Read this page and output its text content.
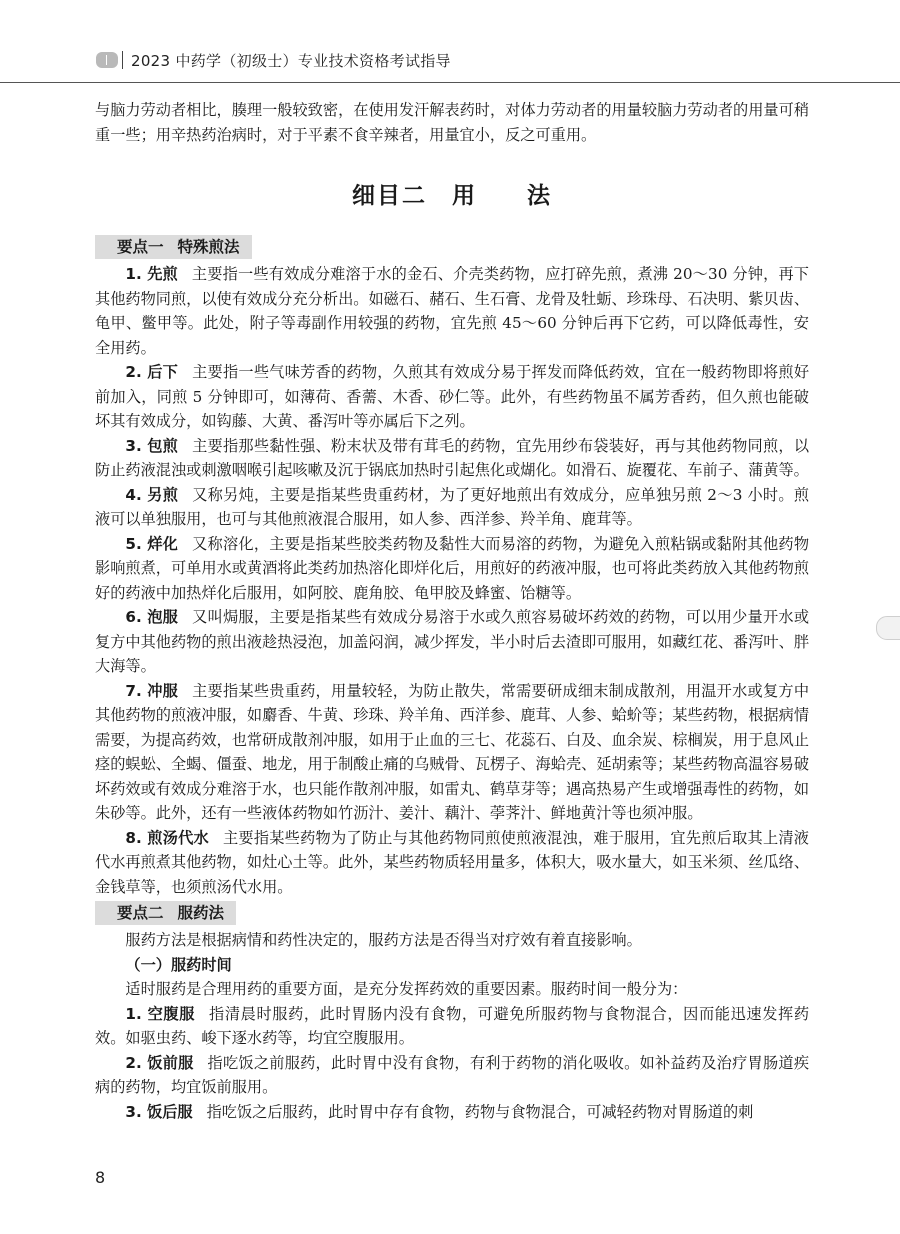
2023 中药学（初级士）专业技术资格考试指导

与脑力劳动者相比，腠理一般较致密，在使用发汗解表药时，对体力劳动者的用量较脑力劳动者的用量可稍重一些；用辛热药治病时，对于平素不食辛辣者，用量宜小，反之可重用。

细目二　用　　法
要点一 特殊煎法

1. 先煎 主要指一些有效成分难溶于水的金石、介壳类药物，应打碎先煎，煮沸 20～30 分钟，再下其他药物同煎，以使有效成分充分析出。如磁石、赭石、生石膏、龙骨及牡蛎、珍珠母、石决明、紫贝齿、龟甲、鳖甲等。此处，附子等毒副作用较强的药物，宜先煎 45～60 分钟后再下它药，可以降低毒性，安全用药。

2. 后下 主要指一些气味芳香的药物，久煎其有效成分易于挥发而降低药效，宜在一般药物即将煎好前加入，同煎 5 分钟即可，如薄荷、香薷、木香、砂仁等。此外，有些药物虽不属芳香药，但久煎也能破坏其有效成分，如钩藤、大黄、番泻叶等亦属后下之列。

3. 包煎 主要指那些黏性强、粉末状及带有茸毛的药物，宜先用纱布袋装好，再与其他药物同煎，以防止药液混浊或刺激咽喉引起咳嗽及沉于锅底加热时引起焦化或煳化。如滑石、旋覆花、车前子、蒲黄等。

4. 另煎 又称另炖，主要是指某些贵重药材，为了更好地煎出有效成分，应单独另煎 2～3 小时。煎液可以单独服用，也可与其他煎液混合服用，如人参、西洋参、羚羊角、鹿茸等。

5. 烊化 又称溶化，主要是指某些胶类药物及黏性大而易溶的药物，为避免入煎粘锅或黏附其他药物影响煎煮，可单用水或黄酒将此类药加热溶化即烊化后，用煎好的药液冲服，也可将此类药放入其他药物煎好的药液中加热烊化后服用，如阿胶、鹿角胶、龟甲胶及蜂蜜、饴糖等。

6. 泡服 又叫焗服，主要是指某些有效成分易溶于水或久煎容易破坏药效的药物，可以用少量开水或复方中其他药物的煎出液趁热浸泡，加盖闷润，减少挥发，半小时后去渣即可服用，如藏红花、番泻叶、胖大海等。

7. 冲服 主要指某些贵重药，用量较轻，为防止散失，常需要研成细末制成散剂，用温开水或复方中其他药物的煎液冲服，如麝香、牛黄、珍珠、羚羊角、西洋参、鹿茸、人参、蛤蚧等；某些药物，根据病情需要，为提高药效，也常研成散剂冲服，如用于止血的三七、花蕊石、白及、血余炭、棕榈炭，用于息风止痉的蜈蚣、全蝎、僵蚕、地龙，用于制酸止痛的乌贼骨、瓦楞子、海蛤壳、延胡索等；某些药物高温容易破坏药效或有效成分难溶于水，也只能作散剂冲服，如雷丸、鹤草芽等；遇高热易产生或增强毒性的药物，如朱砂等。此外，还有一些液体药物如竹沥汁、姜汁、藕汁、荸荠汁、鲜地黄汁等也须冲服。

8. 煎汤代水 主要指某些药物为了防止与其他药物同煎使煎液混浊，难于服用，宜先煎后取其上清液代水再煎煮其他药物，如灶心土等。此外，某些药物质轻用量多，体积大，吸水量大，如玉米须、丝瓜络、金钱草等，也须煎汤代水用。

要点二 服药法

服药方法是根据病情和药性决定的，服药方法是否得当对疗效有着直接影响。

（一）服药时间

适时服药是合理用药的重要方面，是充分发挥药效的重要因素。服药时间一般分为：

1. 空腹服 指清晨时服药，此时胃肠内没有食物，可避免所服药物与食物混合，因而能迅速发挥药效。如驱虫药、峻下逐水药等，均宜空腹服用。

2. 饭前服 指吃饭之前服药，此时胃中没有食物，有利于药物的消化吸收。如补益药及治疗胃肠道疾病的药物，均宜饭前服用。

3. 饭后服 指吃饭之后服药，此时胃中存有食物，药物与食物混合，可减轻药物对胃肠道的刺

8
